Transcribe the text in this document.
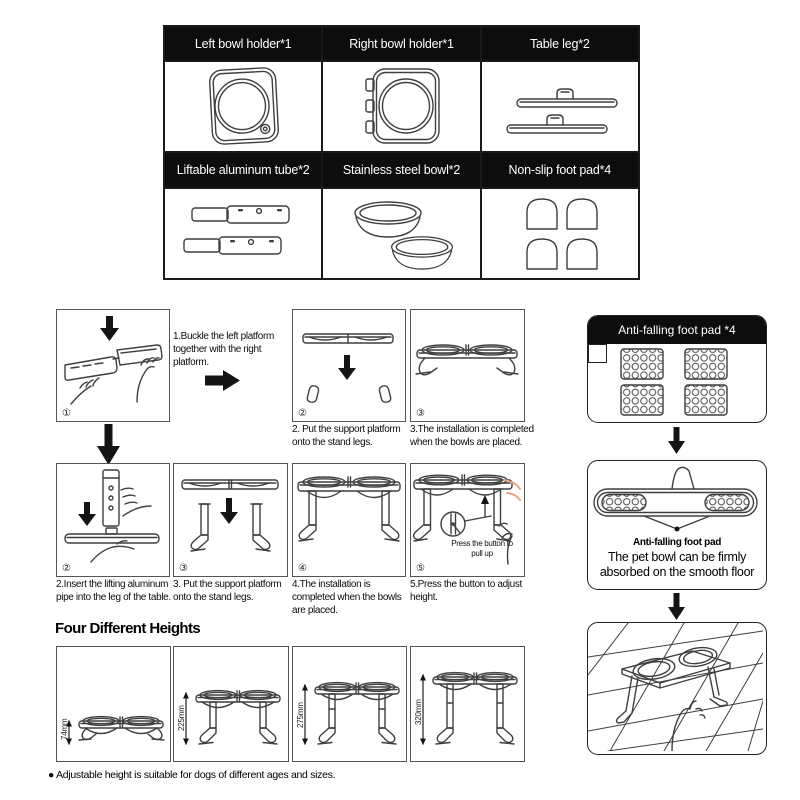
Left bowl holder*1	Right bowl holder*1	Table leg*2
Liftable aluminum tube*2	Stainless steel bowl*2	Non-slip foot pad*4
①
1.Buckle the left platform together with the right platform.
②
2. Put the support platform onto the stand legs.
③
3.The installation is completed when the bowls are placed.
②
2.Insert the lifting aluminum pipe into the leg of the table.
③
3. Put the support platform onto the stand legs.
④
4.The installation is completed when the bowls are placed.
Press the button to pull up
⑤
5.Press the button to adjust height.
Four Different Heights
74mm	225mm	275mm	320mm
● Adjustable height is suitable for dogs of different ages and sizes.
Anti-falling foot pad *4
Anti-falling foot pad
The pet bowl can be firmly absorbed on the smooth floor
